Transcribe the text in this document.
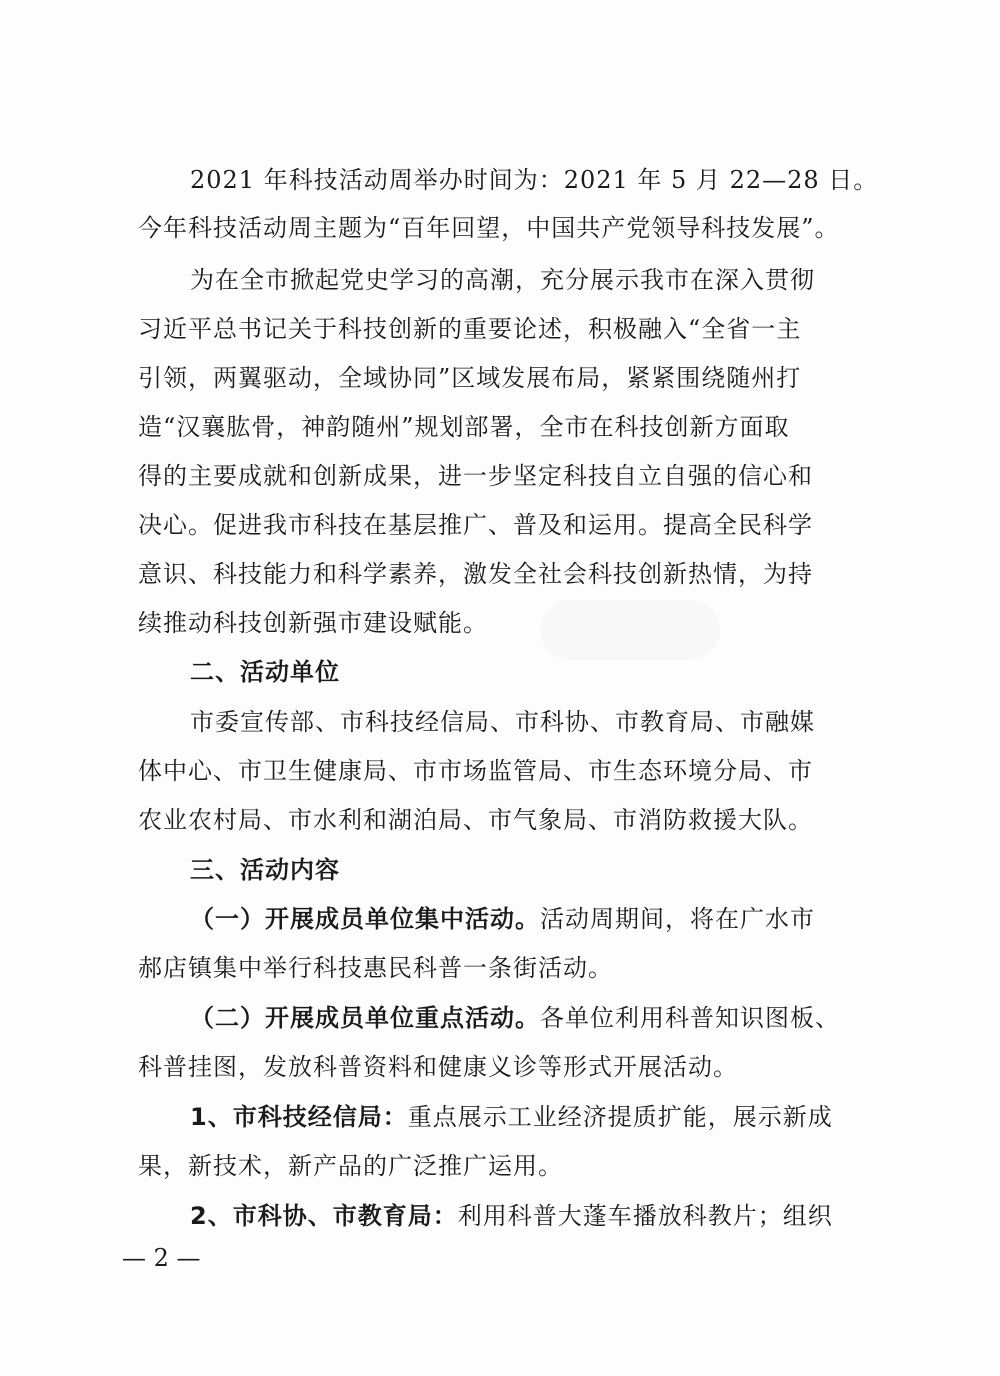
2021 年科技活动周举办时间为：2021 年 5 月 22—28 日。
今年科技活动周主题为“百年回望，中国共产党领导科技发展”。
为在全市掀起党史学习的高潮，充分展示我市在深入贯彻
习近平总书记关于科技创新的重要论述，积极融入“全省一主
引领，两翼驱动，全域协同”区域发展布局，紧紧围绕随州打
造“汉襄肱骨，神韵随州”规划部署，全市在科技创新方面取
得的主要成就和创新成果，进一步坚定科技自立自强的信心和
决心。促进我市科技在基层推广、普及和运用。提高全民科学
意识、科技能力和科学素养，激发全社会科技创新热情，为持
续推动科技创新强市建设赋能。
二、活动单位
市委宣传部、市科技经信局、市科协、市教育局、市融媒
体中心、市卫生健康局、市市场监管局、市生态环境分局、市
农业农村局、市水利和湖泊局、市气象局、市消防救援大队。
三、活动内容
（一）开展成员单位集中活动。活动周期间，将在广水市
郝店镇集中举行科技惠民科普一条街活动。
（二）开展成员单位重点活动。各单位利用科普知识图板、
科普挂图，发放科普资料和健康义诊等形式开展活动。
1、市科技经信局：重点展示工业经济提质扩能，展示新成
果，新技术，新产品的广泛推广运用。
2、市科协、市教育局：利用科普大蓬车播放科教片；组织
— 2 —
